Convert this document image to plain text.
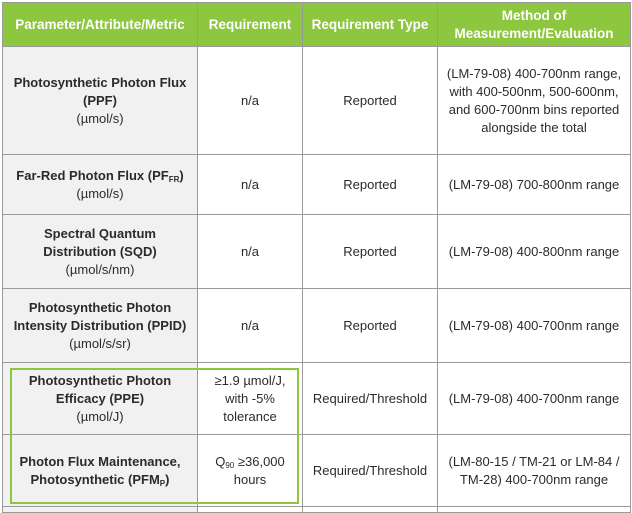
Parameter/Attribute/Metric	Requirement	Requirement Type	Method of Measurement/Evaluation

Photosynthetic Photon Flux (PPF)
(µmol/s)	n/a	Reported	(LM-79-08) 400-700nm range, with 400-500nm, 500-600nm, and 600-700nm bins reported alongside the total

Far-Red Photon Flux $(PF_{FR})$
(µmol/s)	n/a	Reported	(LM-79-08) 700-800nm range

Spectral Quantum Distribution (SQD)
(µmol/s/nm)	n/a	Reported	(LM-79-08) 400-800nm range

Photosynthetic Photon Intensity Distribution (PPID)
(µmol/s/sr)	n/a	Reported	(LM-79-08) 400-700nm range

Photosynthetic Photon Efficacy (PPE)
(µmol/J)	≥1.9 µmol/J, with -5% tolerance	Required/Threshold	(LM-79-08) 400-700nm range

Photon Flux Maintenance, Photosynthetic $(PFM_P)$	$Q_{90} \ge 36,000$ hours	Required/Threshold	(LM-80-15 / TM-21 or LM-84 / TM-28) 400-700nm range
